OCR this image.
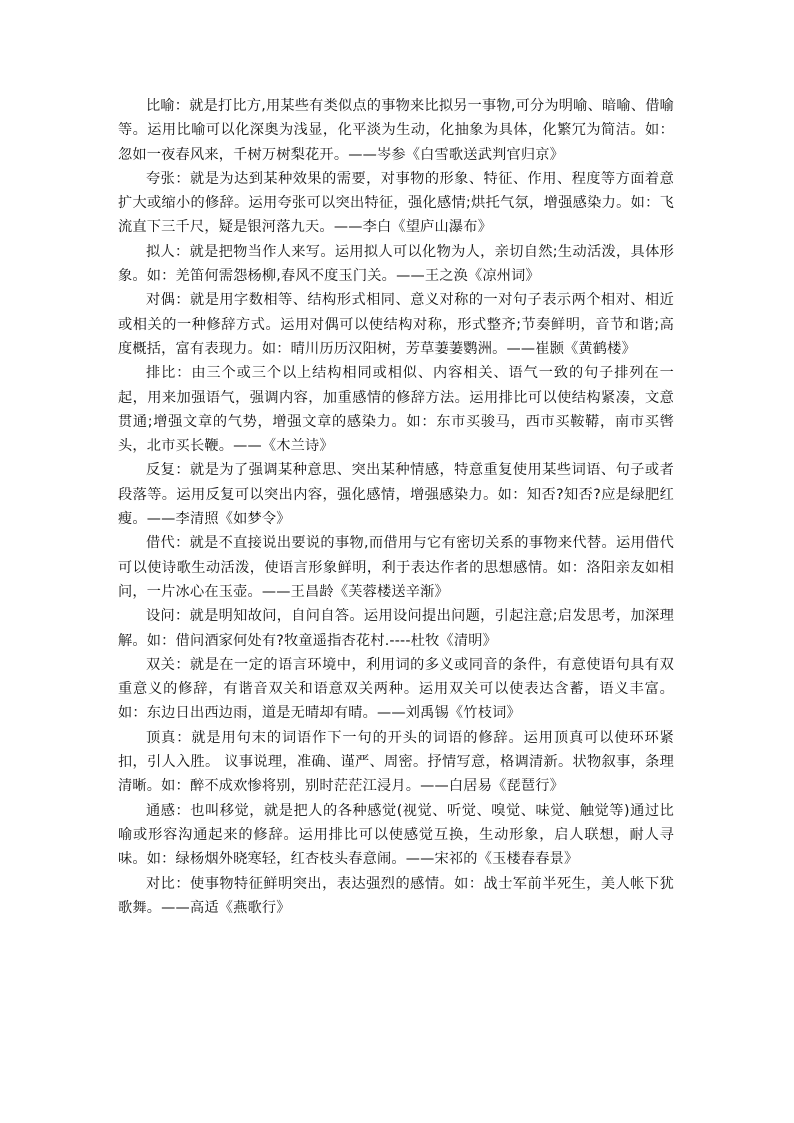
比喻：就是打比方,用某些有类似点的事物来比拟另一事物,可分为明喻、暗喻、借喻等。运用比喻可以化深奥为浅显，化平淡为生动，化抽象为具体，化繁冗为简洁。如：忽如一夜春风来，千树万树梨花开。——岑参《白雪歌送武判官归京》

夸张：就是为达到某种效果的需要，对事物的形象、特征、作用、程度等方面着意扩大或缩小的修辞。运用夸张可以突出特征，强化感情;烘托气氛，增强感染力。如：飞流直下三千尺，疑是银河落九天。——李白《望庐山瀑布》

拟人：就是把物当作人来写。运用拟人可以化物为人，亲切自然;生动活泼，具体形象。如：羌笛何需怨杨柳,春风不度玉门关。——王之涣《凉州词》

对偶：就是用字数相等、结构形式相同、意义对称的一对句子表示两个相对、相近或相关的一种修辞方式。运用对偶可以使结构对称，形式整齐;节奏鲜明，音节和谐;高度概括，富有表现力。如：晴川历历汉阳树，芳草萋萋鹦洲。——崔颢《黄鹤楼》

排比：由三个或三个以上结构相同或相似、内容相关、语气一致的句子排列在一起，用来加强语气，强调内容，加重感情的修辞方法。运用排比可以使结构紧凑，文意贯通;增强文章的气势，增强文章的感染力。如：东市买骏马，西市买鞍鞯，南市买辔头，北市买长鞭。——《木兰诗》

反复：就是为了强调某种意思、突出某种情感，特意重复使用某些词语、句子或者段落等。运用反复可以突出内容，强化感情，增强感染力。如：知否?知否?应是绿肥红瘦。——李清照《如梦令》

借代：就是不直接说出要说的事物,而借用与它有密切关系的事物来代替。运用借代可以使诗歌生动活泼，使语言形象鲜明，利于表达作者的思想感情。如：洛阳亲友如相问，一片冰心在玉壶。——王昌龄《芙蓉楼送辛渐》

设问：就是明知故问，自问自答。运用设问提出问题，引起注意;启发思考，加深理解。如：借问酒家何处有?牧童遥指杏花村.----杜牧《清明》

双关：就是在一定的语言环境中，利用词的多义或同音的条件，有意使语句具有双重意义的修辞，有谐音双关和语意双关两种。运用双关可以使表达含蓄，语义丰富。如：东边日出西边雨，道是无晴却有晴。——刘禹锡《竹枝词》

顶真：就是用句末的词语作下一句的开头的词语的修辞。运用顶真可以使环环紧扣，引人入胜。 议事说理，准确、谨严、周密。抒情写意，格调清新。状物叙事，条理清晰。如：醉不成欢惨将别，别时茫茫江浸月。——白居易《琵琶行》

通感：也叫移觉，就是把人的各种感觉(视觉、听觉、嗅觉、味觉、触觉等)通过比喻或形容沟通起来的修辞。运用排比可以使感觉互换，生动形象，启人联想，耐人寻味。如：绿杨烟外晓寒轻，红杏枝头春意闹。——宋祁的《玉楼春春景》

对比：使事物特征鲜明突出，表达强烈的感情。如：战士军前半死生，美人帐下犹歌舞。——高适《燕歌行》
